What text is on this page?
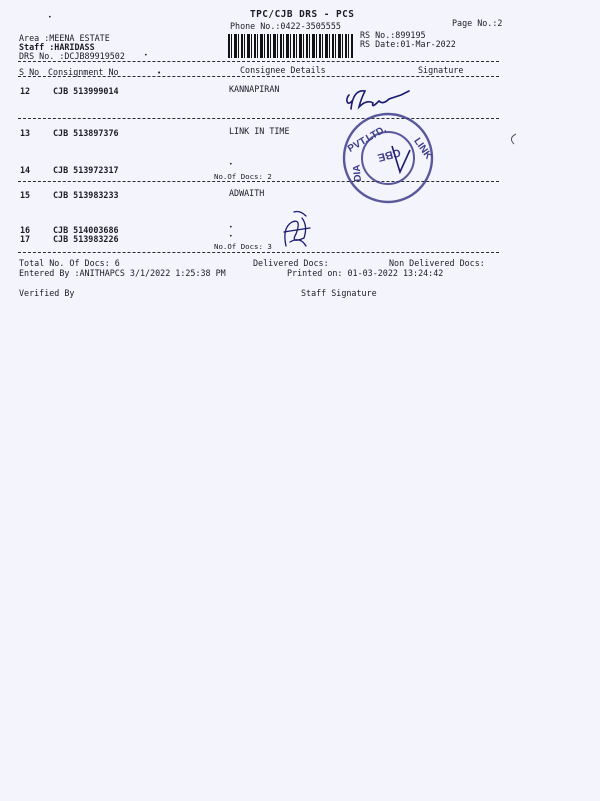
TPC/CJB DRS - PCS
Phone No.:0422-3505555	Page No.:2
Area :MEENA ESTATE
Staff :HARIDASS
DRS No. :DCJB89919502
RS No.:899195
RS Date:01-Mar-2022
S No Consignment No	•	Consignee Details	Signature
12	CJB 513999014	KANNAPIRAN
13	CJB 513897376	LINK IN TIME
14	CJB 513972317
•
No.Of Docs: 2
15	CJB 513983233	ADWAITH
16	CJB 514003686
17	CJB 513983226
•
•
No.Of Docs: 3
PVT.LTD. LINK
DIA
CBE
Total No. Of Docs: 6	Delivered Docs:	Non Delivered Docs:
Entered By :ANITHAPCS 3/1/2022 1:25:38 PM	Printed on: 01-03-2022 13:24:42
Verified By	Staff Signature
•
•
